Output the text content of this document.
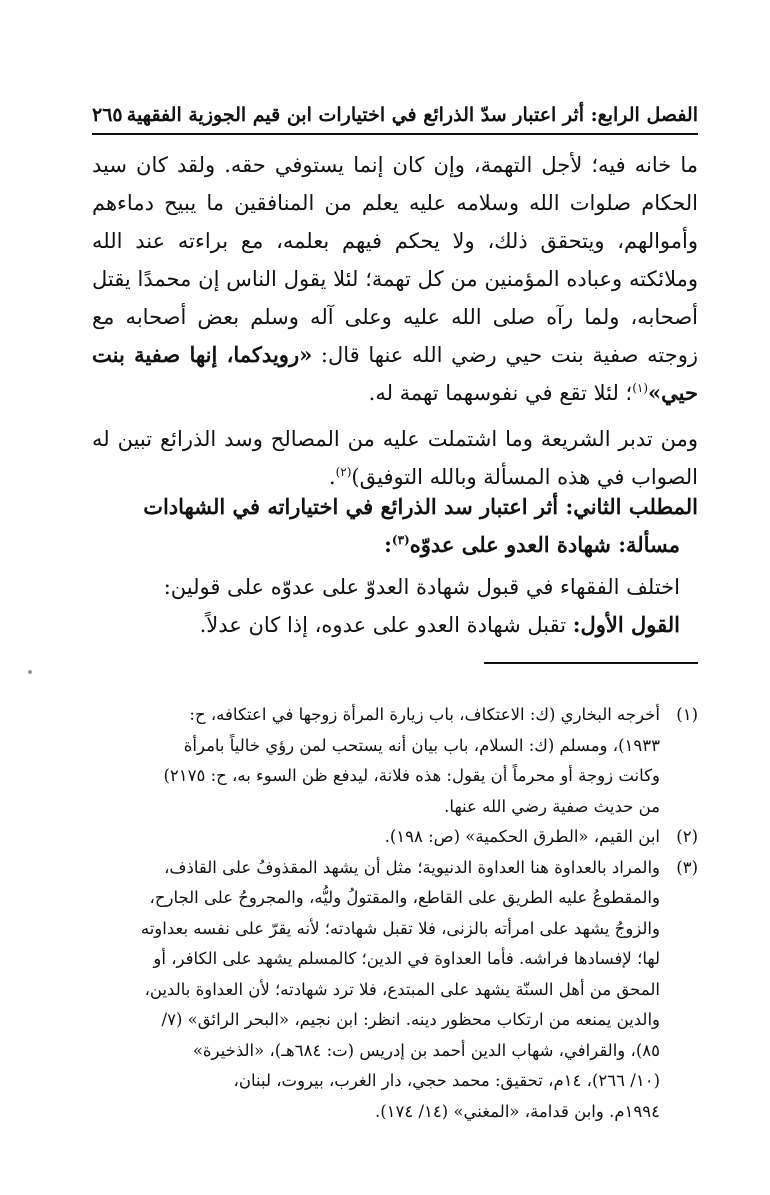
الفصل الرابع: أثر اعتبار سدّ الذرائع في اختيارات ابن قيم الجوزية الفقهية
٢٦٥

ما خانه فيه؛ لأجل التهمة، وإن كان إنما يستوفي حقه. ولقد كان سيد الحكام صلوات الله وسلامه عليه يعلم من المنافقين ما يبيح دماءهم وأموالهم، ويتحقق ذلك، ولا يحكم فيهم بعلمه، مع براءته عند الله وملائكته وعباده المؤمنين من كل تهمة؛ لئلا يقول الناس إن محمدًا يقتل أصحابه، ولما رآه صلى الله عليه وعلى آله وسلم بعض أصحابه مع زوجته صفية بنت حيي رضي الله عنها قال: «رويدكما، إنها صفية بنت حيي»$^{(١)}$؛ لئلا تقع في نفوسهما تهمة له.

ومن تدبر الشريعة وما اشتملت عليه من المصالح وسد الذرائع تبين له الصواب في هذه المسألة وبالله التوفيق)$^{(٢)}$.

المطلب الثاني: أثر اعتبار سد الذرائع في اختياراته في الشهادات
مسألة: شهادة العدو على عدوّه$^{(٣)}$:
اختلف الفقهاء في قبول شهادة العدوّ على عدوّه على قولين:
القول الأول: تقبل شهادة العدو على عدوه، إذا كان عدلاً.
(١)
أخرجه البخاري (ك: الاعتكاف، باب زيارة المرأة زوجها في اعتكافه، ح:
١٩٣٣)، ومسلم (ك: السلام، باب بيان أنه يستحب لمن رؤي خالياً بامرأة
وكانت زوجة أو محرماً أن يقول: هذه فلانة، ليدفع ظن السوء به، ح: ٢١٧٥)
من حديث صفية رضي الله عنها.
(٢)
ابن القيم، «الطرق الحكمية» (ص: ١٩٨).
(٣)
والمراد بالعداوة هنا العداوة الدنيوية؛ مثل أن يشهد المقذوفُ على القاذف،
والمقطوعُ عليه الطريق على القاطع، والمقتولُ وليُّه، والمجروحُ على الجارح،
والزوجُ يشهد على امرأته بالزنى، فلا تقبل شهادته؛ لأنه يقرّ على نفسه بعداوته
لها؛ لإفسادها فراشه. فأما العداوة في الدين؛ كالمسلم يشهد على الكافر، أو
المحق من أهل السنّة يشهد على المبتدع، فلا ترد شهادته؛ لأن العداوة بالدين،
والدين يمنعه من ارتكاب محظور دينه. انظر: ابن نجيم، «البحر الرائق» (٧/
٨٥)، والقرافي، شهاب الدين أحمد بن إدريس (ت: ٦٨٤هـ)، «الذخيرة»
(١٠/ ٢٦٦)، ١٤م، تحقيق: محمد حجي، دار الغرب، بيروت، لبنان،
١٩٩٤م. وابن قدامة، «المغني» (١٤/ ١٧٤).
